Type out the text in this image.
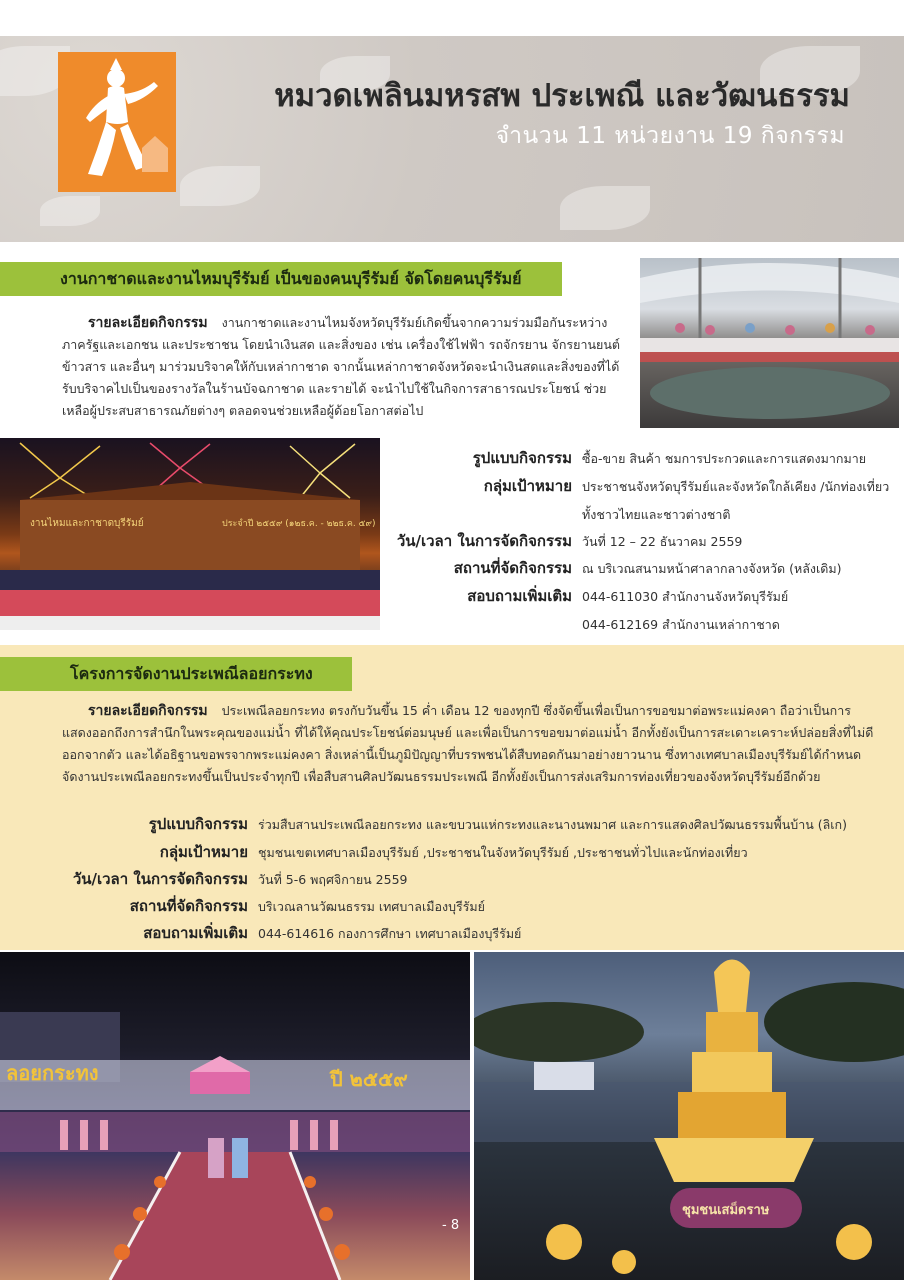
หมวดเพลินมหรสพ ประเพณี และวัฒนธรรม
จำนวน 11 หน่วยงาน 19 กิจกรรม
งานกาชาดและงานไหมบุรีรัมย์ เป็นของคนบุรีรัมย์ จัดโดยคนบุรีรัมย์
รายละเอียดกิจกรรม งานกาชาดและงานไหมจังหวัดบุรีรัมย์เกิดขึ้นจากความร่วมมือกันระหว่าง ภาครัฐและเอกชน และประชาชน โดยนำเงินสด และสิ่งของ เช่น เครื่องใช้ไฟฟ้า รถจักรยาน จักรยานยนต์ ข้าวสาร และอื่นๆ มาร่วมบริจาคให้กับเหล่ากาชาด จากนั้นเหล่ากาชาดจังหวัดจะนำเงินสดและสิ่งของที่ได้รับบริจาคไปเป็นของรางวัลในร้านบัจฉกาชาด และรายได้ จะนำไปใช้ในกิจการสาธารณประโยชน์ ช่วยเหลือผู้ประสบสาธารณภัยต่างๆ ตลอดจนช่วยเหลือผู้ด้อยโอกาสต่อไป
งานไหมและกาชาดบุรีรัมย์	ประจำปี ๒๕๕๙ (๑๒ธ.ค. - ๒๒ธ.ค. ๕๙)
รูปแบบกิจกรรม ซื้อ-ขาย สินค้า ชมการประกวดและการแสดงมากมาย
กลุ่มเป้าหมาย ประชาชนจังหวัดบุรีรัมย์และจังหวัดใกล้เคียง /นักท่องเที่ยว
ทั้งชาวไทยและชาวต่างชาติ
วัน/เวลา ในการจัดกิจกรรม วันที่ 12 – 22 ธันวาคม 2559
สถานที่จัดกิจกรรม ณ บริเวณสนามหน้าศาลากลางจังหวัด (หลังเดิม)
สอบถามเพิ่มเติม 044-611030 สำนักงานจังหวัดบุรีรัมย์
044-612169 สำนักงานเหล่ากาชาด
โครงการจัดงานประเพณีลอยกระทง
รายละเอียดกิจกรรม ประเพณีลอยกระทง ตรงกับวันขึ้น 15 ค่ำ เดือน 12 ของทุกปี ซึ่งจัดขึ้นเพื่อเป็นการขอขมาต่อพระแม่คงคา ถือว่าเป็นการแสดงออกถึงการสำนึกในพระคุณของแม่น้ำ ที่ได้ให้คุณประโยชน์ต่อมนุษย์ และเพื่อเป็นการขอขมาต่อแม่น้ำ อีกทั้งยังเป็นการสะเดาะเคราะห์ปล่อยสิ่งที่ไม่ดีออกจากตัว และได้อธิฐานขอพรจากพระแม่คงคา สิ่งเหล่านี้เป็นภูมิปัญญาที่บรรพชนได้สืบทอดกันมาอย่างยาวนาน ซึ่งทางเทศบาลเมืองบุรีรัมย์ได้กำหนดจัดงานประเพณีลอยกระทงขึ้นเป็นประจำทุกปี เพื่อสืบสานศิลปวัฒนธรรมประเพณี อีกทั้งยังเป็นการส่งเสริมการท่องเที่ยวของจังหวัดบุรีรัมย์อีกด้วย
รูปแบบกิจกรรม ร่วมสืบสานประเพณีลอยกระทง และขบวนแห่กระทงและนางนพมาศ และการแสดงศิลปวัฒนธรรมพื้นบ้าน (ลิเก)
กลุ่มเป้าหมาย ชุมชนเขตเทศบาลเมืองบุรีรัมย์ ,ประชาชนในจังหวัดบุรีรัมย์ ,ประชาชนทั่วไปและนักท่องเที่ยว
วัน/เวลา ในการจัดกิจกรรม วันที่ 5-6 พฤศจิกายน 2559
สถานที่จัดกิจกรรม บริเวณลานวัฒนธรรม เทศบาลเมืองบุรีรัมย์
สอบถามเพิ่มเติม 044-614616 กองการศึกษา เทศบาลเมืองบุรีรัมย์
ลอยกระทง	ปี ๒๕๕๙
- 8
ชุมชนเสม็ดราษ
